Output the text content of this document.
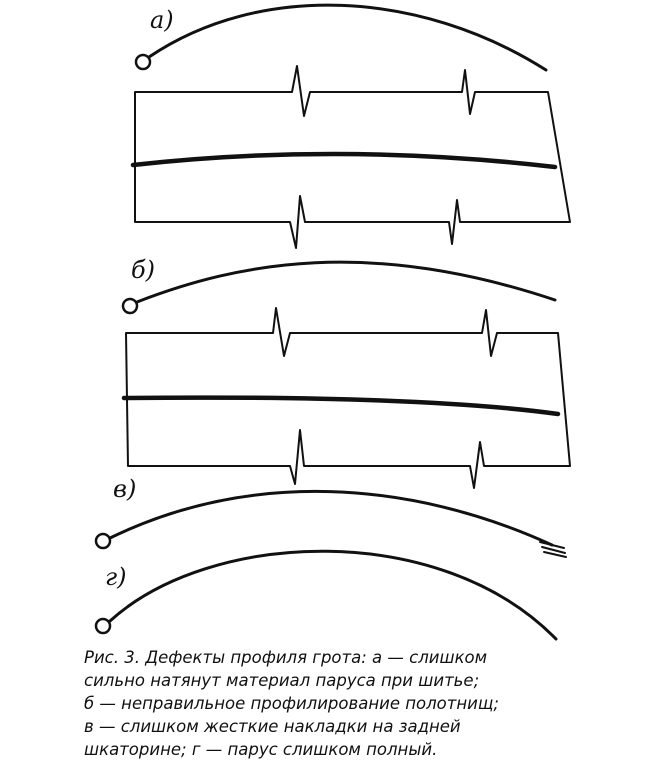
а)
б)
в)
г)

Рис. 3. Дефекты профиля грота: а — слишком
сильно натянут материал паруса при шитье;
б — неправильное профилирование полотнищ;
в — слишком жесткие накладки на задней
шкаторине; г — парус слишком полный.
